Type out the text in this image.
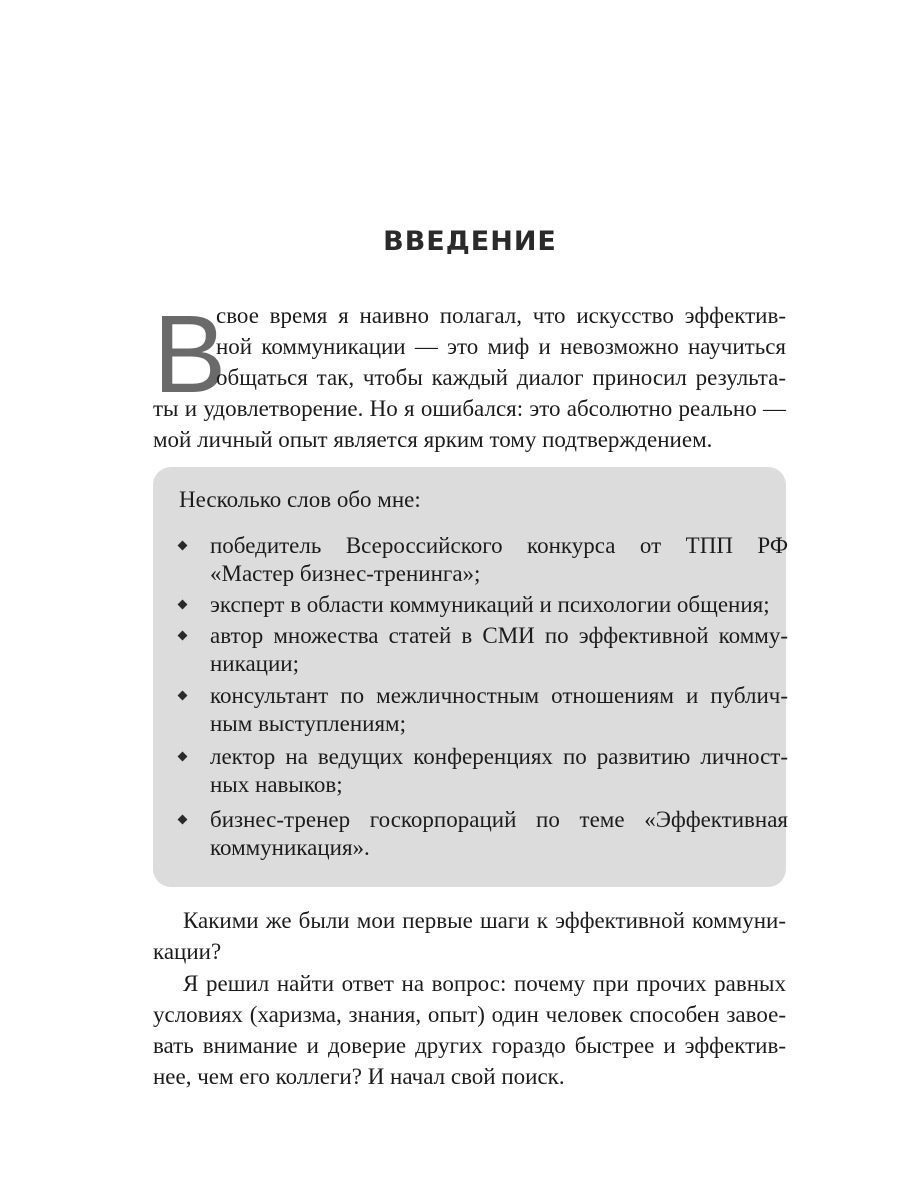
ВВЕДЕНИЕ
В
свое время я наивно полагал, что искусство эффектив-
ной коммуникации — это миф и невозможно научиться
общаться так, чтобы каждый диалог приносил результа-
ты и удовлетворение. Но я ошибался: это абсолютно реально —
мой личный опыт является ярким тому подтверждением.
Несколько слов обо мне:
победитель Всероссийского конкурса от ТПП РФ
«Мастер бизнес-тренинга»;
эксперт в области коммуникаций и психологии общения;
автор множества статей в СМИ по эффективной комму-
никации;
консультант по межличностным отношениям и публич-
ным выступлениям;
лектор на ведущих конференциях по развитию личност-
ных навыков;
бизнес-тренер госкорпораций по теме «Эффективная
коммуникация».
Какими же были мои первые шаги к эффективной коммуни-
кации?
Я решил найти ответ на вопрос: почему при прочих равных
условиях (харизма, знания, опыт) один человек способен завое-
вать внимание и доверие других гораздо быстрее и эффектив-
нее, чем его коллеги? И начал свой поиск.
